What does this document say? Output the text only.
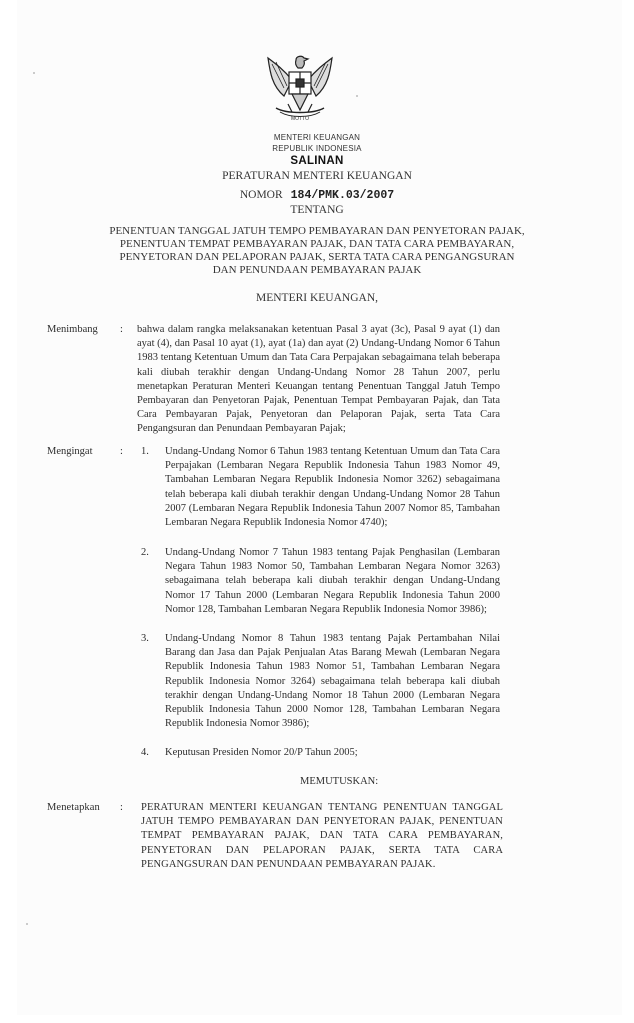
MOTTO
MENTERI KEUANGAN
REPUBLIK INDONESIA
SALINAN
PERATURAN MENTERI KEUANGAN
NOMOR 184/PMK.03/2007
TENTANG
PENENTUAN TANGGAL JATUH TEMPO PEMBAYARAN DAN PENYETORAN PAJAK,
PENENTUAN TEMPAT PEMBAYARAN PAJAK, DAN TATA CARA PEMBAYARAN,
PENYETORAN DAN PELAPORAN PAJAK, SERTA TATA CARA PENGANGSURAN
DAN PENUNDAAN PEMBAYARAN PAJAK
MENTERI KEUANGAN,
Menimbang : bahwa dalam rangka melaksanakan ketentuan Pasal 3 ayat (3c), Pasal 9 ayat (1) dan ayat (4), dan Pasal 10 ayat (1), ayat (1a) dan ayat (2) Undang-Undang Nomor 6 Tahun 1983 tentang Ketentuan Umum dan Tata Cara Perpajakan sebagaimana telah beberapa kali diubah terakhir dengan Undang-Undang Nomor 28 Tahun 2007, perlu menetapkan Peraturan Menteri Keuangan tentang Penentuan Tanggal Jatuh Tempo Pembayaran dan Penyetoran Pajak, Penentuan Tempat Pembayaran Pajak, dan Tata Cara Pembayaran Pajak, Penyetoran dan Pelaporan Pajak, serta Tata Cara Pengangsuran dan Penundaan Pembayaran Pajak;
Mengingat	: 1. Undang-Undang Nomor 6 Tahun 1983 tentang Ketentuan Umum dan Tata Cara Perpajakan (Lembaran Negara Republik Indonesia Tahun 1983 Nomor 49, Tambahan Lembaran Negara Republik Indonesia Nomor 3262) sebagaimana telah beberapa kali diubah terakhir dengan Undang-Undang Nomor 28 Tahun 2007 (Lembaran Negara Republik Indonesia Tahun 2007 Nomor 85, Tambahan Lembaran Negara Republik Indonesia Nomor 4740);
2. Undang-Undang Nomor 7 Tahun 1983 tentang Pajak Penghasilan (Lembaran Negara Tahun 1983 Nomor 50, Tambahan Lembaran Negara Nomor 3263) sebagaimana telah beberapa kali diubah terakhir dengan Undang-Undang Nomor 17 Tahun 2000 (Lembaran Negara Republik Indonesia Tahun 2000 Nomor 128, Tambahan Lembaran Negara Republik Indonesia Nomor 3986);
3. Undang-Undang Nomor 8 Tahun 1983 tentang Pajak Pertambahan Nilai Barang dan Jasa dan Pajak Penjualan Atas Barang Mewah (Lembaran Negara Republik Indonesia Tahun 1983 Nomor 51, Tambahan Lembaran Negara Republik Indonesia Nomor 3264) sebagaimana telah beberapa kali diubah terakhir dengan Undang-Undang Nomor 18 Tahun 2000 (Lembaran Negara Republik Indonesia Tahun 2000 Nomor 128, Tambahan Lembaran Negara Republik Indonesia Nomor 3986);
4. Keputusan Presiden Nomor 20/P Tahun 2005;
MEMUTUSKAN:
Menetapkan : PERATURAN MENTERI KEUANGAN TENTANG PENENTUAN TANGGAL JATUH TEMPO PEMBAYARAN DAN PENYETORAN PAJAK, PENENTUAN TEMPAT PEMBAYARAN PAJAK, DAN TATA CARA PEMBAYARAN, PENYETORAN DAN PELAPORAN PAJAK, SERTA TATA CARA PENGANGSURAN DAN PENUNDAAN PEMBAYARAN PAJAK.
